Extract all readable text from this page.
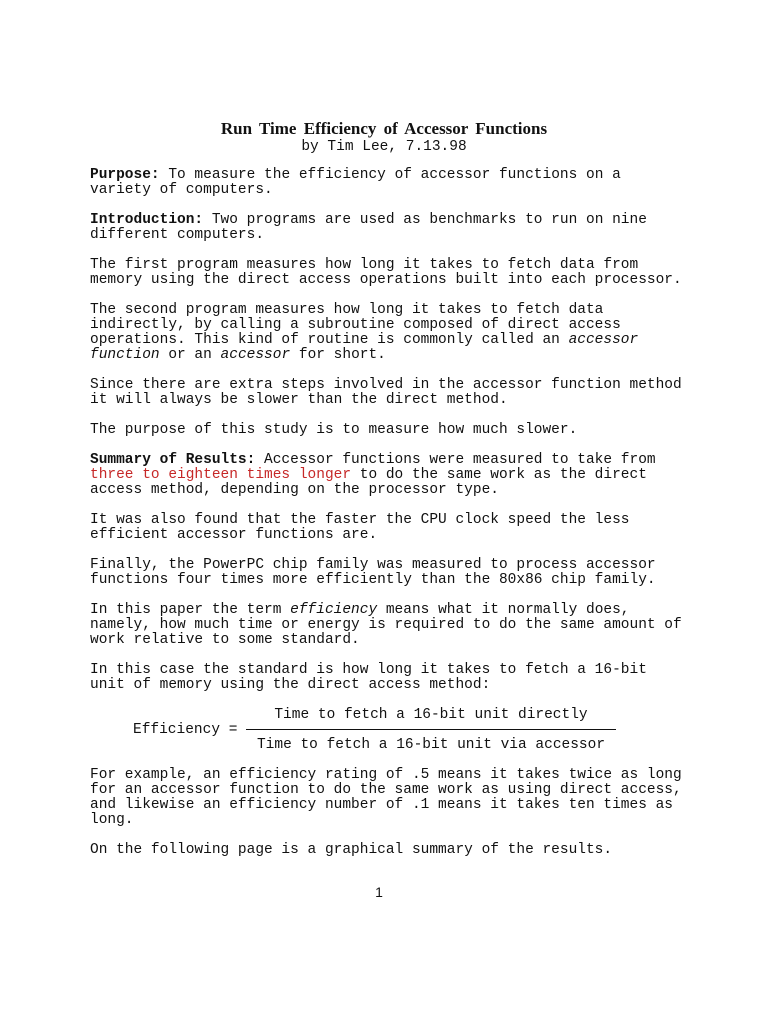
Run Time Efficiency of Accessor Functions
by Tim Lee, 7.13.98

Purpose: To measure the efficiency of accessor functions on a variety of computers.

Introduction: Two programs are used as benchmarks to run on nine different computers.

The first program measures how long it takes to fetch data from memory using the direct access operations built into each processor.

The second program measures how long it takes to fetch data indirectly, by calling a subroutine composed of direct access operations. This kind of routine is commonly called an accessor function or an accessor for short.

Since there are extra steps involved in the accessor function method it will always be slower than the direct method.

The purpose of this study is to measure how much slower.

Summary of Results: Accessor functions were measured to take from three to eighteen times longer to do the same work as the direct access method, depending on the processor type.

It was also found that the faster the CPU clock speed the less efficient accessor functions are.

Finally, the PowerPC chip family was measured to process accessor functions four times more efficiently than the 80x86 chip family.

In this paper the term efficiency means what it normally does, namely, how much time or energy is required to do the same amount of work relative to some standard.

In this case the standard is how long it takes to fetch a 16-bit unit of memory using the direct access method:

Efficiency =
Time to fetch a 16-bit unit directly
Time to fetch a 16-bit unit via accessor

For example, an efficiency rating of .5 means it takes twice as long for an accessor function to do the same work as using direct access, and likewise an efficiency number of .1 means it takes ten times as long.

On the following page is a graphical summary of the results.

1
